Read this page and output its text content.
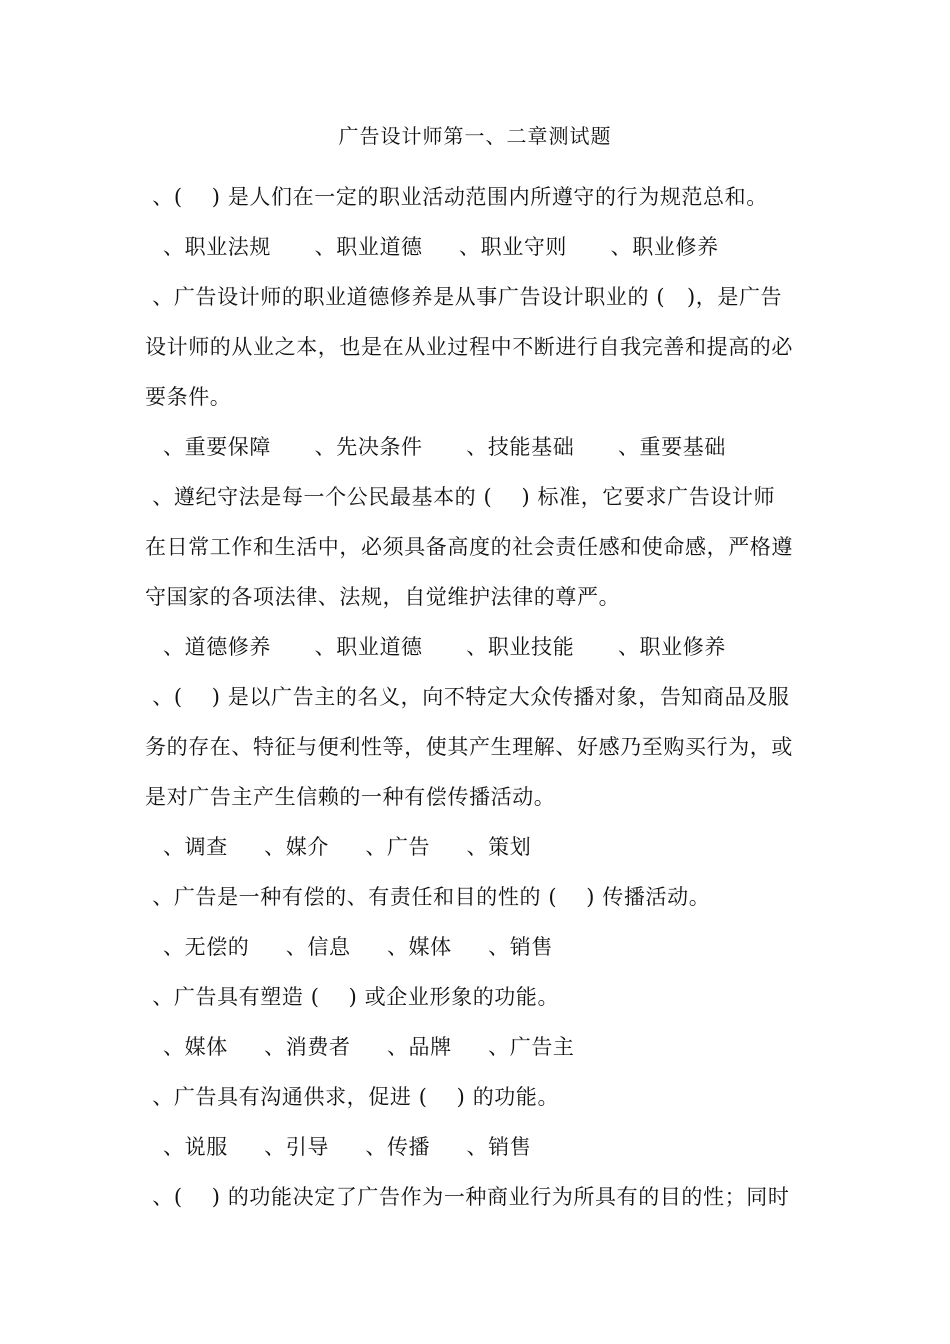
广告设计师第一、二章测试题
、(    ) 是人们在一定的职业活动范围内所遵守的行为规范总和。
、职业法规      、职业道德     、职业守则      、职业修养
、广告设计师的职业道德修养是从事广告设计职业的 (   )，是广告
设计师的从业之本，也是在从业过程中不断进行自我完善和提高的必
要条件。
、重要保障      、先决条件      、技能基础      、重要基础
、遵纪守法是每一个公民最基本的 (    ) 标准，它要求广告设计师
在日常工作和生活中，必须具备高度的社会责任感和使命感，严格遵
守国家的各项法律、法规，自觉维护法律的尊严。
、道德修养      、职业道德      、职业技能      、职业修养
、(    ) 是以广告主的名义，向不特定大众传播对象，告知商品及服
务的存在、特征与便利性等，使其产生理解、好感乃至购买行为，或
是对广告主产生信赖的一种有偿传播活动。
、调查     、媒介     、广告     、策划
、广告是一种有偿的、有责任和目的性的 (    ) 传播活动。
、无偿的     、信息     、媒体     、销售
、广告具有塑造 (    ) 或企业形象的功能。
、媒体     、消费者     、品牌     、广告主
、广告具有沟通供求，促进 (    ) 的功能。
、说服     、引导     、传播     、销售
、(    ) 的功能决定了广告作为一种商业行为所具有的目的性；同时
